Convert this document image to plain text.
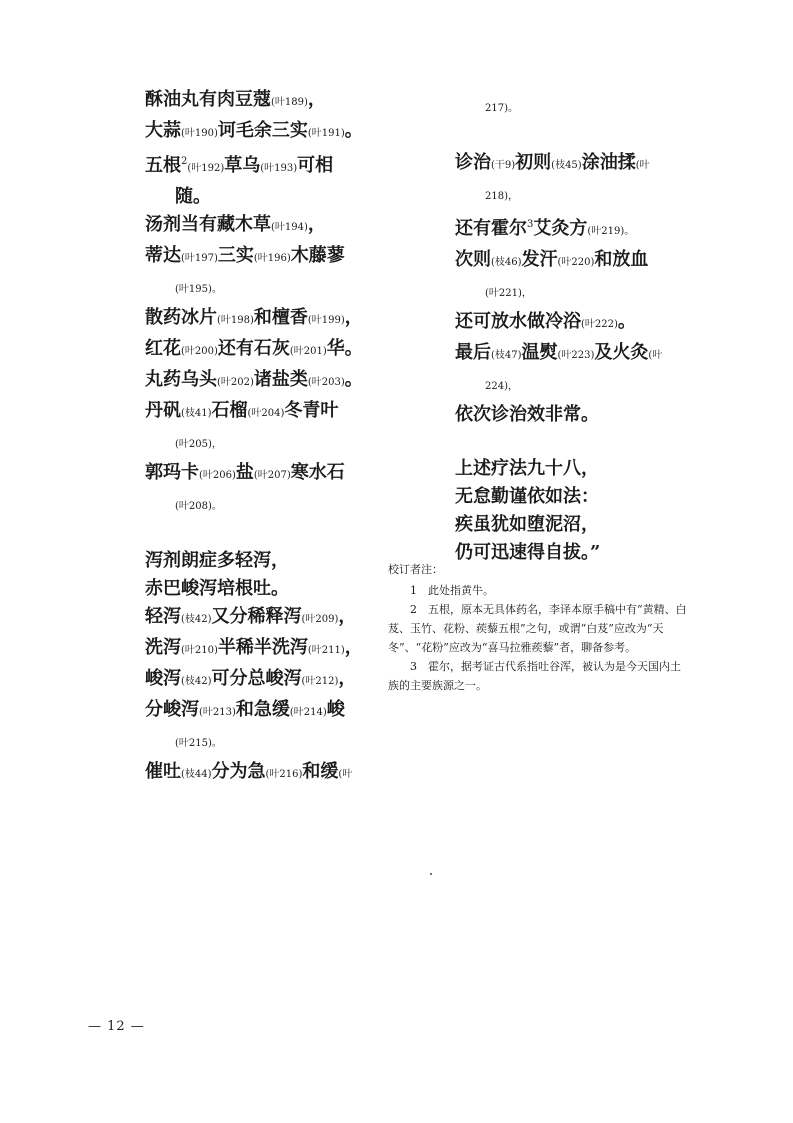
酥油丸有肉豆蔻(叶189)，
大蒜(叶190)诃毛余三实(叶191)。
五根$^2$(叶192)草乌(叶193)可相
随。
汤剂当有藏木草(叶194)，
蒂达(叶197)三实(叶196)木藤蓼
(叶195)。
散药冰片(叶198)和檀香(叶199)，
红花(叶200)还有石灰(叶201)华。
丸药乌头(叶202)诸盐类(叶203)。
丹矾(枝41)石榴(叶204)冬青叶
(叶205)，
郭玛卡(叶206)盐(叶207)寒水石
(叶208)。
泻剂朗症多轻泻，
赤巴峻泻培根吐。
轻泻(枝42)又分稀释泻(叶209)，
洗泻(叶210)半稀半洗泻(叶211)，
峻泻(枝42)可分总峻泻(叶212)，
分峻泻(叶213)和急缓(叶214)峻
(叶215)。
催吐(枝44)分为急(叶216)和缓(叶
217)。
诊治(干9)初则(枝45)涂油揉(叶
218)，
还有霍尔$^3$艾灸方(叶219)。
次则(枝46)发汗(叶220)和放血
(叶221)，
还可放水做冷浴(叶222)。
最后(枝47)温熨(叶223)及火灸(叶
224)，
依次诊治效非常。
上述疗法九十八，
无怠勤谨依如法：
疾虽犹如堕泥沼，
仍可迅速得自拔。”
校订者注：
1　此处指黄牛。
2　五根，原本无具体药名，李译本原手稿中有“黄精、白芨、玉竹、花粉、蒺藜五根”之句，或谓“白芨”应改为“天冬”、“花粉”应改为“喜马拉雅蒺藜”者，聊备参考。
3　霍尔，据考证古代系指吐谷浑，被认为是今天国内土族的主要族源之一。
— 12 —
